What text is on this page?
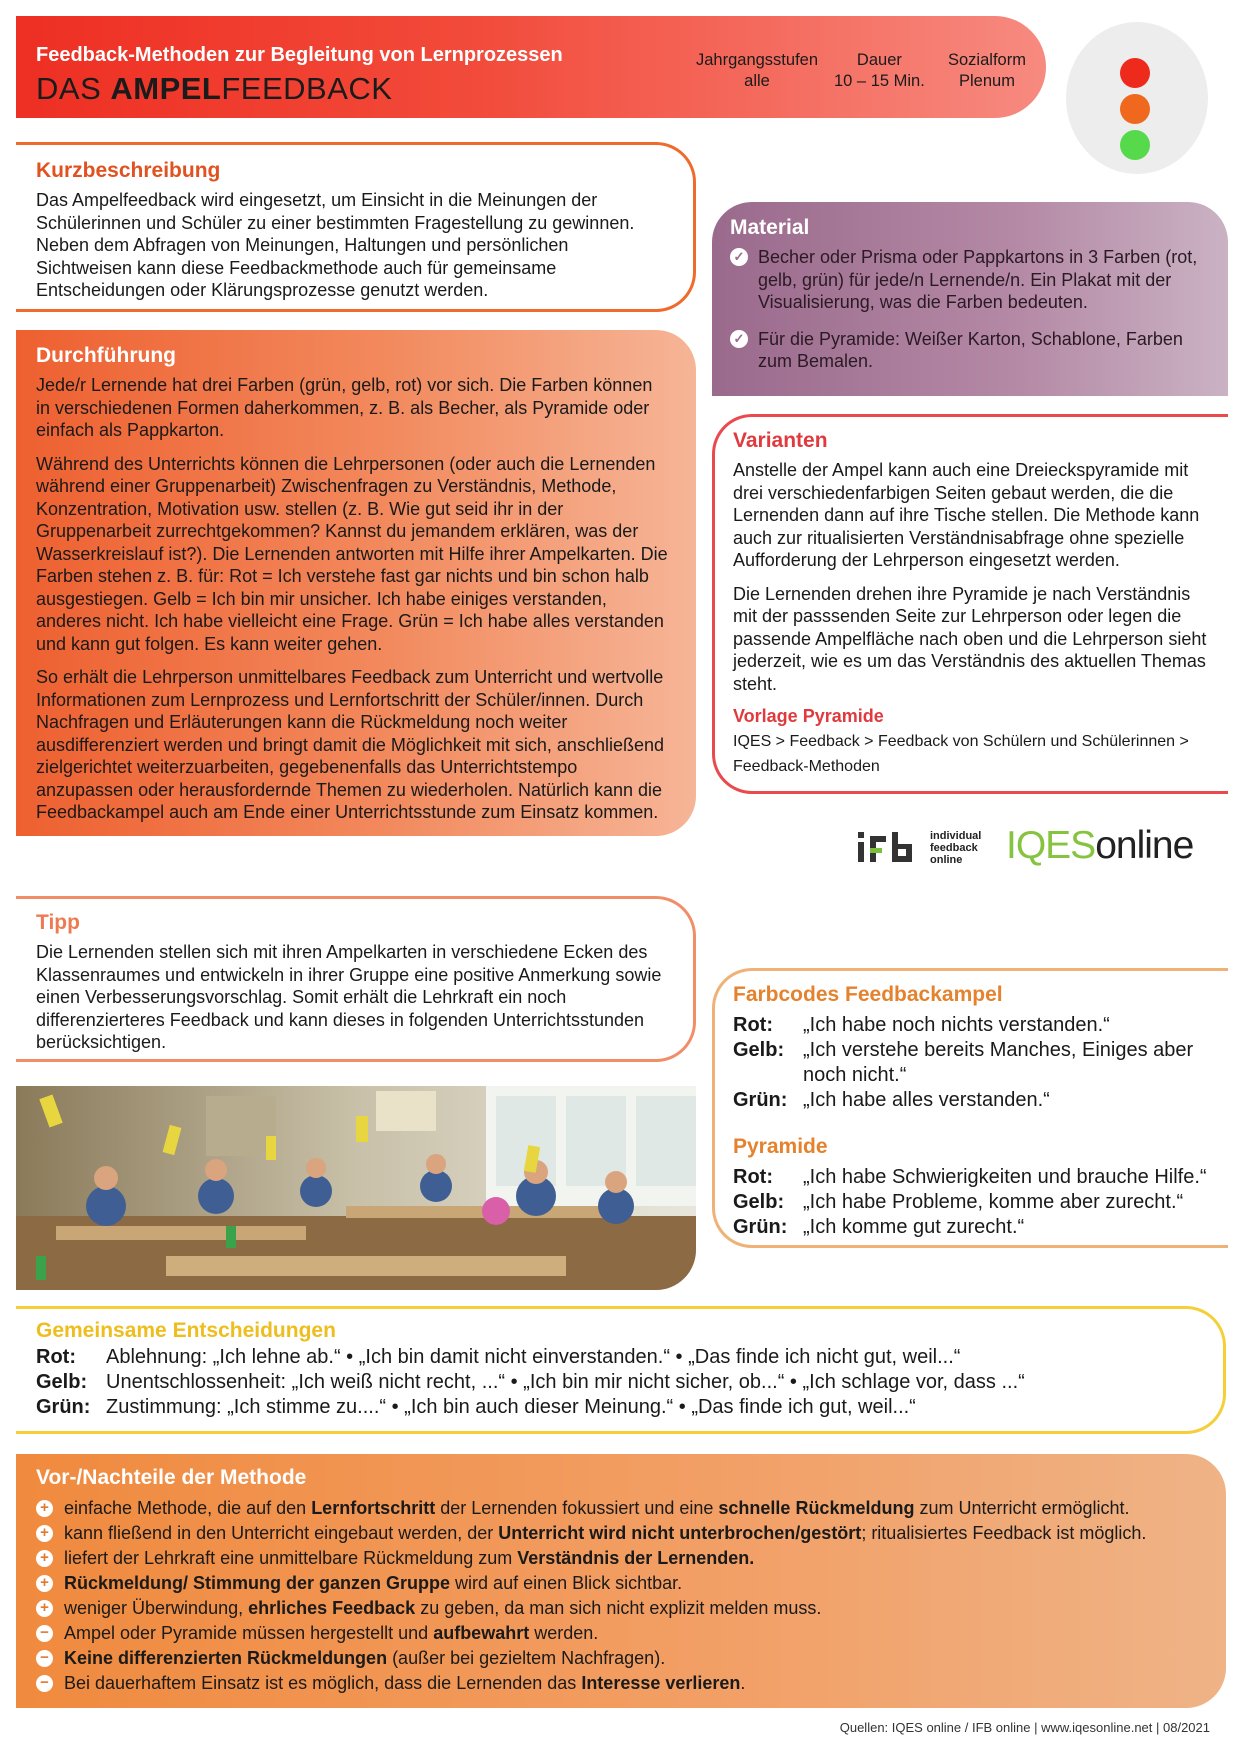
Feedback-Methoden zur Begleitung von Lernprozessen
DAS AMPELFEEDBACK
Jahrgangsstufen
alle
Dauer
10 – 15 Min.
Sozialform
Plenum
Kurzbeschreibung
Das Ampelfeedback wird eingesetzt, um Einsicht in die Meinungen der Schülerinnen und Schüler zu einer bestimmten Fragestellung zu gewinnen. Neben dem Abfragen von Meinungen, Haltungen und persönlichen Sichtweisen kann diese Feedbackmethode auch für gemeinsame Entscheidungen oder Klärungsprozesse genutzt werden.
Durchführung

Jede/r Lernende hat drei Farben (grün, gelb, rot) vor sich. Die Farben können in verschiedenen Formen daherkommen, z. B. als Becher, als Pyramide oder einfach als Pappkarton.

Während des Unterrichts können die Lehrpersonen (oder auch die Lernenden während einer Gruppenarbeit) Zwischenfragen zu Verständnis, Methode, Konzentration, Motivation usw. stellen (z. B. Wie gut seid ihr in der Gruppenarbeit zurrechtgekommen? Kannst du jemandem erklären, was der Wasserkreislauf ist?). Die Lernenden antworten mit Hilfe ihrer Ampelkarten. Die Farben stehen z. B. für: Rot = Ich verstehe fast gar nichts und bin schon halb ausgestiegen. Gelb = Ich bin mir unsicher. Ich habe einiges verstanden, anderes nicht. Ich habe vielleicht eine Frage. Grün = Ich habe alles verstanden und kann gut folgen. Es kann weiter gehen.

So erhält die Lehrperson unmittelbares Feedback zum Unterricht und wertvolle Informationen zum Lernprozess und Lernfortschritt der Schüler/innen. Durch Nachfragen und Erläuterungen kann die Rückmeldung noch weiter ausdifferenziert werden und bringt damit die Möglichkeit mit sich, anschließend zielgerichtet weiterzuarbeiten, gegebenenfalls das Unterrichtstempo anzupassen oder herausfordernde Themen zu wiederholen. Natürlich kann die Feedbackampel auch am Ende einer Unterrichtsstunde zum Einsatz kommen.

Material
✓ Becher oder Prisma oder Pappkartons in 3 Farben (rot, gelb, grün) für jede/n Lernende/n. Ein Plakat mit der Visualisierung, was die Farben bedeuten.
✓ Für die Pyramide: Weißer Karton, Schablone, Farben zum Bemalen.
Varianten

Anstelle der Ampel kann auch eine Dreieckspyramide mit drei verschiedenfarbigen Seiten gebaut werden, die die Lernenden dann auf ihre Tische stellen. Die Methode kann auch zur ritualisierten Verständnisabfrage ohne spezielle Aufforderung der Lehrperson eingesetzt werden.

Die Lernenden drehen ihre Pyramide je nach Verständnis mit der passsenden Seite zur Lehrperson oder legen die passende Ampelfläche nach oben und die Lehrperson sieht jederzeit, wie es um das Verständnis des aktuellen Themas steht.

Vorlage Pyramide
IQES > Feedback > Feedback von Schülern und Schülerinnen > Feedback-Methoden
individual feedback online	IQESonline
Tipp
Die Lernenden stellen sich mit ihren Ampelkarten in verschiedene Ecken des Klassenraumes und entwickeln in ihrer Gruppe eine positive Anmerkung sowie einen Verbesserungsvorschlag. Somit erhält die Lehrkraft ein noch differenzierteres Feedback und kann dieses in folgenden Unterrichtsstunden berücksichtigen.
Farbcodes Feedbackampel
Rot:	„Ich habe noch nichts verstanden.“
Gelb: „Ich verstehe bereits Manches, Einiges aber noch nicht.“
Grün: „Ich habe alles verstanden.“
Pyramide
Rot:	„Ich habe Schwierigkeiten und brauche Hilfe.“
Gelb: „Ich habe Probleme, komme aber zurecht.“
Grün: „Ich komme gut zurecht.“
Gemeinsame Entscheidungen
Rot:	Ablehnung: „Ich lehne ab.“ • „Ich bin damit nicht einverstanden.“ • „Das finde ich nicht gut, weil...“
Gelb: Unentschlossenheit: „Ich weiß nicht recht, ...“ • „Ich bin mir nicht sicher, ob...“ • „Ich schlage vor, dass ...“
Grün: Zustimmung: „Ich stimme zu....“ • „Ich bin auch dieser Meinung.“ • „Das finde ich gut, weil...“
Vor-/Nachteile der Methode
+ einfache Methode, die auf den Lernfortschritt der Lernenden fokussiert und eine schnelle Rückmeldung zum Unterricht ermöglicht.
+ kann fließend in den Unterricht eingebaut werden, der Unterricht wird nicht unterbrochen/gestört; ritualisiertes Feedback ist möglich.
+ liefert der Lehrkraft eine unmittelbare Rückmeldung zum Verständnis der Lernenden.
+ Rückmeldung/ Stimmung der ganzen Gruppe wird auf einen Blick sichtbar.
+ weniger Überwindung, ehrliches Feedback zu geben, da man sich nicht explizit melden muss.
− Ampel oder Pyramide müssen hergestellt und aufbewahrt werden.
− Keine differenzierten Rückmeldungen (außer bei gezieltem Nachfragen).
− Bei dauerhaftem Einsatz ist es möglich, dass die Lernenden das Interesse verlieren.
Quellen: IQES online / IFB online | www.iqesonline.net | 08/2021
